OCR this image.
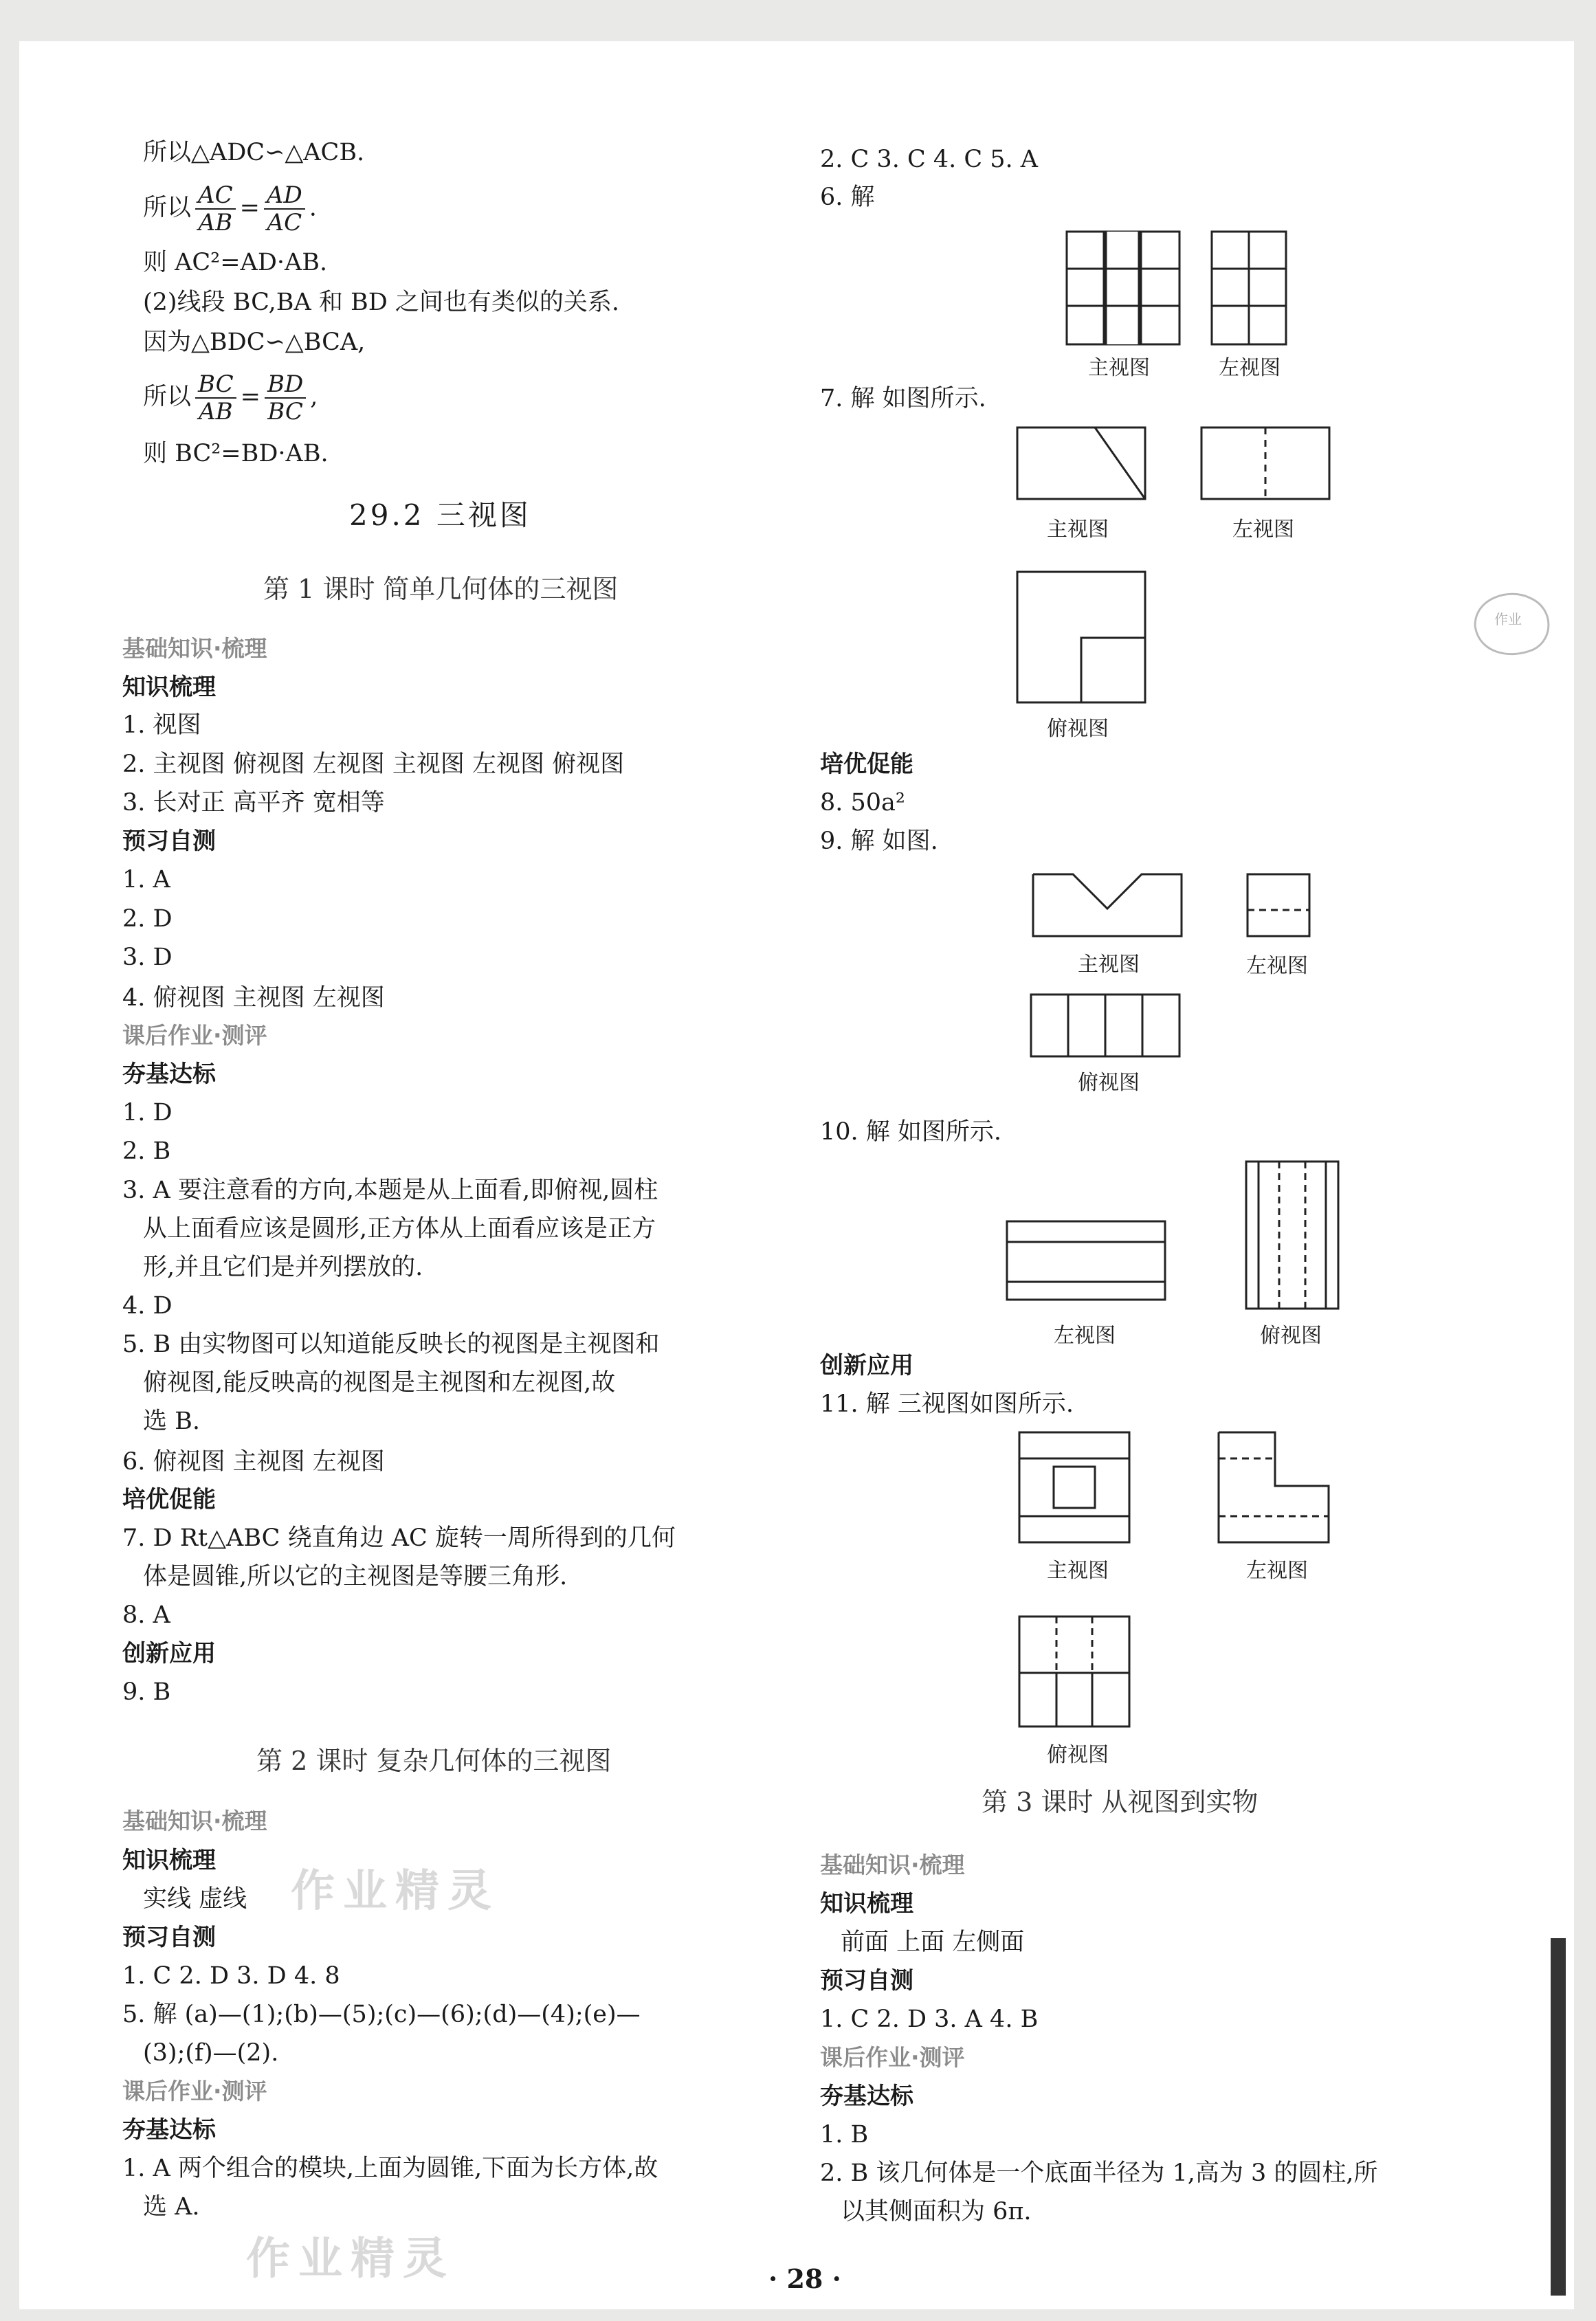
所以△ADC∽△ACB.
所以 $\frac{AC}{AB} = \frac{AD}{AC}$ .
则 AC²=AD·AB.
(2)线段 BC,BA 和 BD 之间也有类似的关系.
因为△BDC∽△BCA,
所以 $\frac{BC}{AB} = \frac{BD}{BC}$ ,
则 BC²=BD·AB.
29.2 三视图
第 1 课时 简单几何体的三视图
基础知识·梳理
知识梳理
1. 视图
2. 主视图 俯视图 左视图 主视图 左视图 俯视图
3. 长对正 高平齐 宽相等
预习自测
1. A
2. D
3. D
4. 俯视图 主视图 左视图
课后作业·测评
夯基达标
1. D
2. B
3. A 要注意看的方向,本题是从上面看,即俯视,圆柱
从上面看应该是圆形,正方体从上面看应该是正方
形,并且它们是并列摆放的.
4. D
5. B 由实物图可以知道能反映长的视图是主视图和
俯视图,能反映高的视图是主视图和左视图,故
选 B.
6. 俯视图 主视图 左视图
培优促能
7. D Rt△ABC 绕直角边 AC 旋转一周所得到的几何
体是圆锥,所以它的主视图是等腰三角形.
8. A
创新应用
9. B
第 2 课时 复杂几何体的三视图
基础知识·梳理
知识梳理
实线 虚线
预习自测
1. C 2. D 3. D 4. 8
5. 解 (a)—(1);(b)—(5);(c)—(6);(d)—(4);(e)—
(3);(f)—(2).
课后作业·测评
夯基达标
1. A 两个组合的模块,上面为圆锥,下面为长方体,故
选 A.
2. C 3. C 4. C 5. A
6. 解
主视图	左视图
7. 解 如图所示.
主视图	左视图
俯视图
培优促能
8. 50a²
9. 解 如图.
主视图	左视图
俯视图
10. 解 如图所示.
左视图	俯视图
创新应用
11. 解 三视图如图所示.
主视图	左视图
俯视图
第 3 课时 从视图到实物
基础知识·梳理
知识梳理
前面 上面 左侧面
预习自测
1. C 2. D 3. A 4. B
课后作业·测评
夯基达标
1. B
2. B 该几何体是一个底面半径为 1,高为 3 的圆柱,所
以其侧面积为 6π.
作业
作业精灵
作业精灵	· 28 ·
